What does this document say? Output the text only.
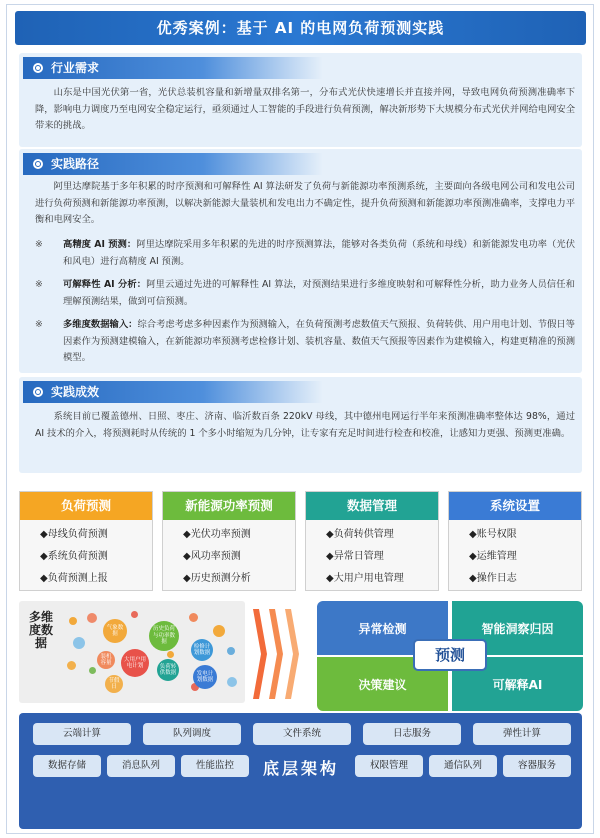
优秀案例：基于 AI 的电网负荷预测实践
行业需求
山东是中国光伏第一省，光伏总装机容量和新增量双排名第一，分布式光伏快速增长并直接并网，导致电网负荷预测准确率下降，影响电力调度乃至电网安全稳定运行，亟须通过人工智能的手段进行负荷预测，解决新形势下大规模分布式光伏并网给电网安全带来的挑战。
实践路径
阿里达摩院基于多年积累的时序预测和可解释性 AI 算法研发了负荷与新能源功率预测系统，主要面向各级电网公司和发电公司进行负荷预测和新能源功率预测，以解决新能源大量装机和发电出力不确定性，提升负荷预测和新能源功率预测准确率，支撑电力平衡和电网安全。
※	高精度 AI 预测：阿里达摩院采用多年积累的先进的时序预测算法，能够对各类负荷（系统和母线）和新能源发电功率（光伏和风电）进行高精度 AI 预测。
※	可解释性 AI 分析：阿里云通过先进的可解释性 AI 算法，对预测结果进行多维度映射和可解释性分析，助力业务人员信任和理解预测结果，做到可信预测。
※	多维度数据输入：综合考虑考虑多种因素作为预测输入，在负荷预测考虑数值天气预报、负荷转供、用户用电计划、节假日等因素作为预测建模输入，在新能源功率预测考虑检修计划、装机容量、数值天气预报等因素作为建模输入，构建更精准的预测模型。
实践成效
系统目前已覆盖德州、日照、枣庄、济南、临沂数百条 220kV 母线，其中德州电网运行半年来预测准确率整体达 98%，通过 AI 技术的介入，将预测耗时从传统的 1 个多小时缩短为几分钟，让专家有充足时间进行检查和校准，让感知力更强、预测更准确。
负荷预测
◆母线负荷预测
◆系统负荷预测
◆负荷预测上报
新能源功率预测
◆光伏功率预测
◆风功率预测
◆历史预测分析
数据管理
◆负荷转供管理
◆异常日管理
◆大用户用电管理
系统设置
◆账号权限
◆运维管理
◆操作日志
多维度数据
气象数据
历史负荷与功率数据
检修计划数据
大用户用电计划	负荷转供数据	发电计划数据
装机容量
节假日
异常检测	智能洞察归因
决策建议	可解释AI
预测
云端计算	队列调度	文件系统	日志服务	弹性计算
数据存储	消息队列	性能监控	底层架构	权限管理	通信队列	容器服务
